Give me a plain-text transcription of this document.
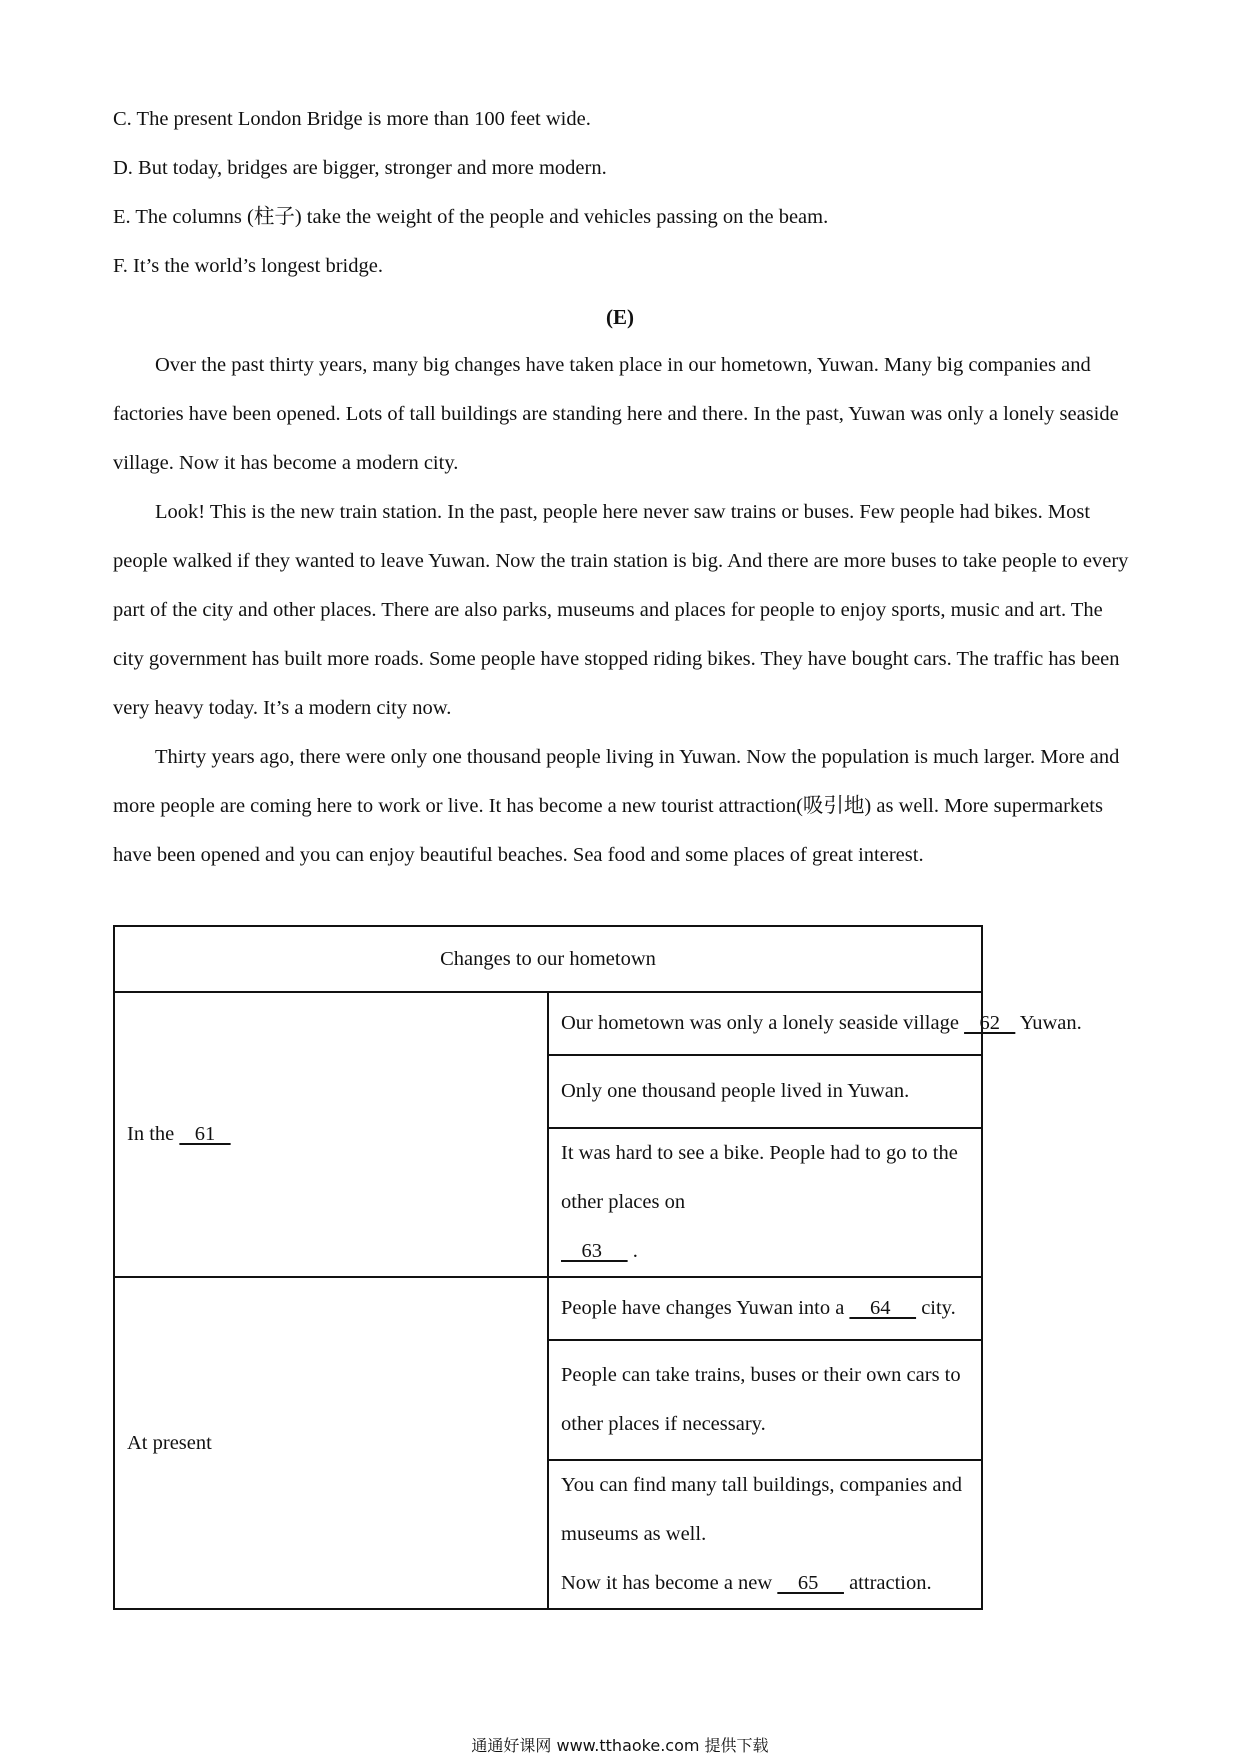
C. The present London Bridge is more than 100 feet wide.
D. But today, bridges are bigger, stronger and more modern.
E. The columns (柱子) take the weight of the people and vehicles passing on the beam.
F. It’s the world’s longest bridge.
(E)

Over the past thirty years, many big changes have taken place in our hometown, Yuwan. Many big companies and factories have been opened. Lots of tall buildings are standing here and there. In the past, Yuwan was only a lonely seaside village. Now it has become a modern city.

Look! This is the new train station. In the past, people here never saw trains or buses. Few people had bikes. Most people walked if they wanted to leave Yuwan. Now the train station is big. And there are more buses to take people to every part of the city and other places. There are also parks, museums and places for people to enjoy sports, music and art. The city government has built more roads. Some people have stopped riding bikes. They have bought cars. The traffic has been very heavy today. It’s a modern city now.

Thirty years ago, there were only one thousand people living in Yuwan. Now the population is much larger. More and more people are coming here to work or live. It has become a new tourist attraction(吸引地) as well. More supermarkets have been opened and you can enjoy beautiful beaches. Sea food and some places of great interest.

Changes to our hometown	
In the    61	Our hometown was only a lonely seaside village    62    Yuwan.
	Only one thousand people lived in Yuwan.
	It was hard to see a bike. People had to go to the other places on
63      .
At present	People have changes Yuwan into a     64      city.
	People can take trains, buses or their own cars to other places if necessary.
	You can find many tall buildings, companies and museums as well.
Now it has become a new     65      attraction.
通通好课网 www.tthaoke.com 提供下载
